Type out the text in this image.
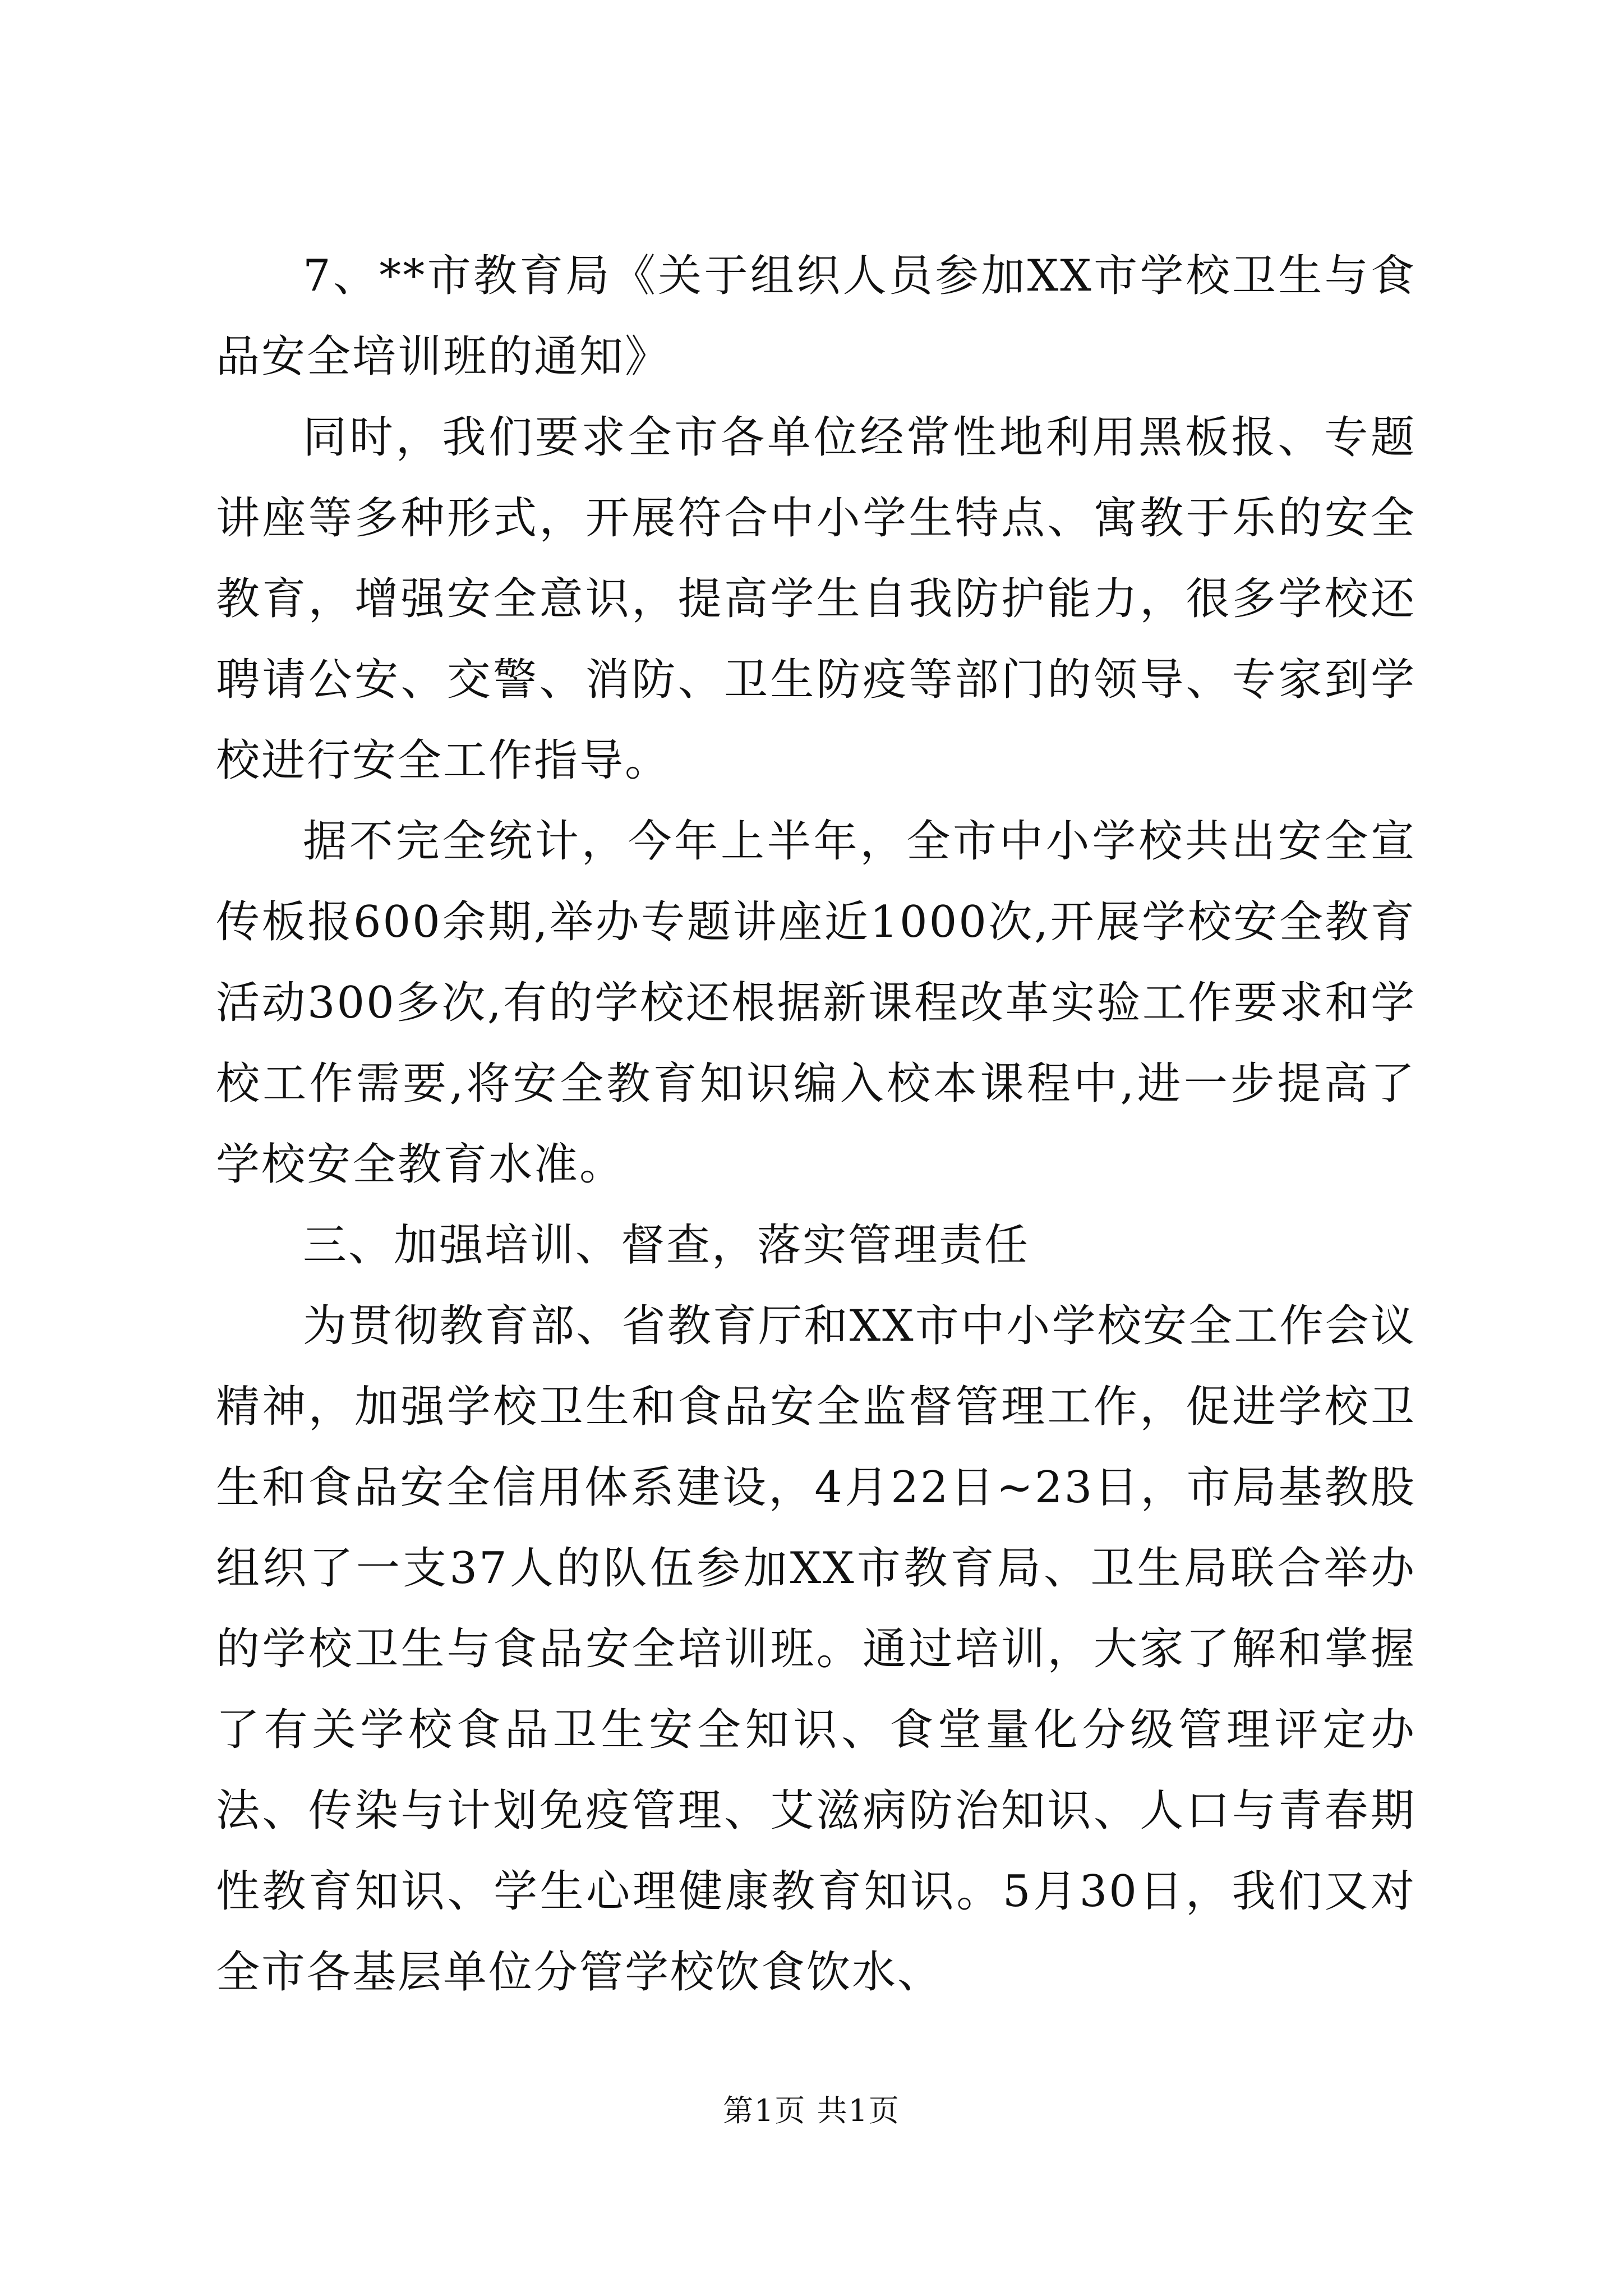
7、**市教育局《关于组织人员参加XX市学校卫生与食品安全培训班的通知》

同时，我们要求全市各单位经常性地利用黑板报、专题讲座等多种形式，开展符合中小学生特点、寓教于乐的安全教育，增强安全意识，提高学生自我防护能力，很多学校还聘请公安、交警、消防、卫生防疫等部门的领导、专家到学校进行安全工作指导。

据不完全统计，今年上半年，全市中小学校共出安全宣传板报600余期,举办专题讲座近1000次,开展学校安全教育活动300多次,有的学校还根据新课程改革实验工作要求和学校工作需要,将安全教育知识编入校本课程中,进一步提高了学校安全教育水准。

三、加强培训、督查，落实管理责任

为贯彻教育部、省教育厅和XX市中小学校安全工作会议精神，加强学校卫生和食品安全监督管理工作，促进学校卫生和食品安全信用体系建设，4月22日~23日，市局基教股组织了一支37人的队伍参加XX市教育局、卫生局联合举办的学校卫生与食品安全培训班。通过培训，大家了解和掌握了有关学校食品卫生安全知识、食堂量化分级管理评定办法、传染与计划免疫管理、艾滋病防治知识、人口与青春期性教育知识、学生心理健康教育知识。5月30日，我们又对全市各基层单位分管学校饮食饮水、

第1页 共1页
